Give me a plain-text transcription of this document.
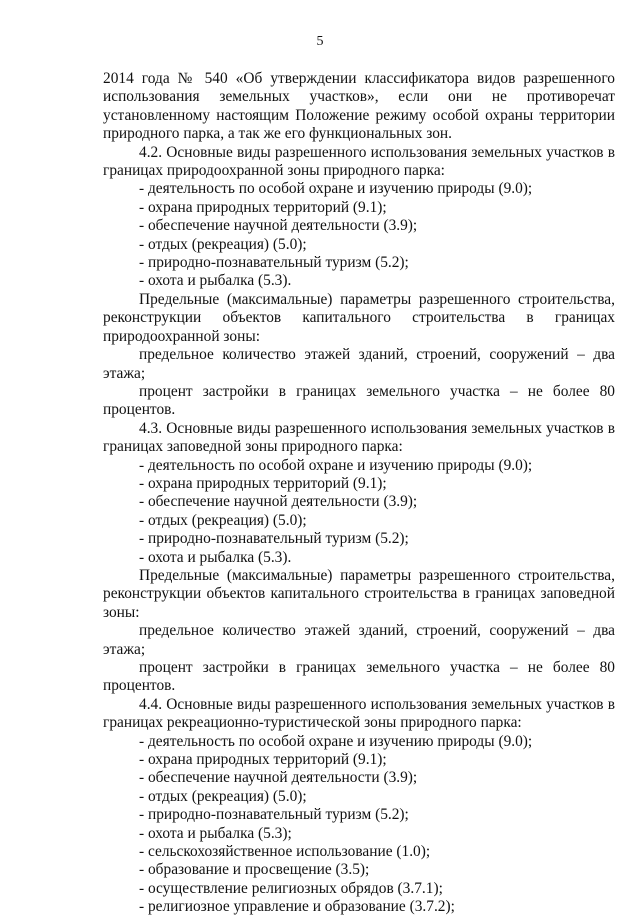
5

2014 года № 540 «Об утверждении классификатора видов разрешенного

использования земельных участков», если они не противоречат

установленному настоящим Положение режиму особой охраны территории природного парка, а так же его функциональных зон.

4.2. Основные виды разрешенного использования земельных участков в границах природоохранной зоны природного парка:

- деятельность по особой охране и изучению природы (9.0);

- охрана природных территорий (9.1);

- обеспечение научной деятельности (3.9);

- отдых (рекреация) (5.0);

- природно-познавательный туризм (5.2);

- охота и рыбалка (5.3).

Предельные (максимальные) параметры разрешенного строительства, реконструкции объектов капитального строительства в границах природоохранной зоны:

предельное количество этажей зданий, строений, сооружений – два этажа;

процент застройки в границах земельного участка – не более 80 процентов.

4.3. Основные виды разрешенного использования земельных участков в границах заповедной зоны природного парка:

- деятельность по особой охране и изучению природы (9.0);

- охрана природных территорий (9.1);

- обеспечение научной деятельности (3.9);

- отдых (рекреация) (5.0);

- природно-познавательный туризм (5.2);

- охота и рыбалка (5.3).

Предельные (максимальные) параметры разрешенного строительства, реконструкции объектов капитального строительства в границах заповедной зоны:

предельное количество этажей зданий, строений, сооружений – два этажа;

процент застройки в границах земельного участка – не более 80 процентов.

4.4. Основные виды разрешенного использования земельных участков в границах рекреационно-туристической зоны природного парка:

- деятельность по особой охране и изучению природы (9.0);

- охрана природных территорий (9.1);

- обеспечение научной деятельности (3.9);

- отдых (рекреация) (5.0);

- природно-познавательный туризм (5.2);

- охота и рыбалка (5.3);

- сельскохозяйственное использование (1.0);

- образование и просвещение (3.5);

- осуществление религиозных обрядов (3.7.1);

- религиозное управление и образование (3.7.2);
